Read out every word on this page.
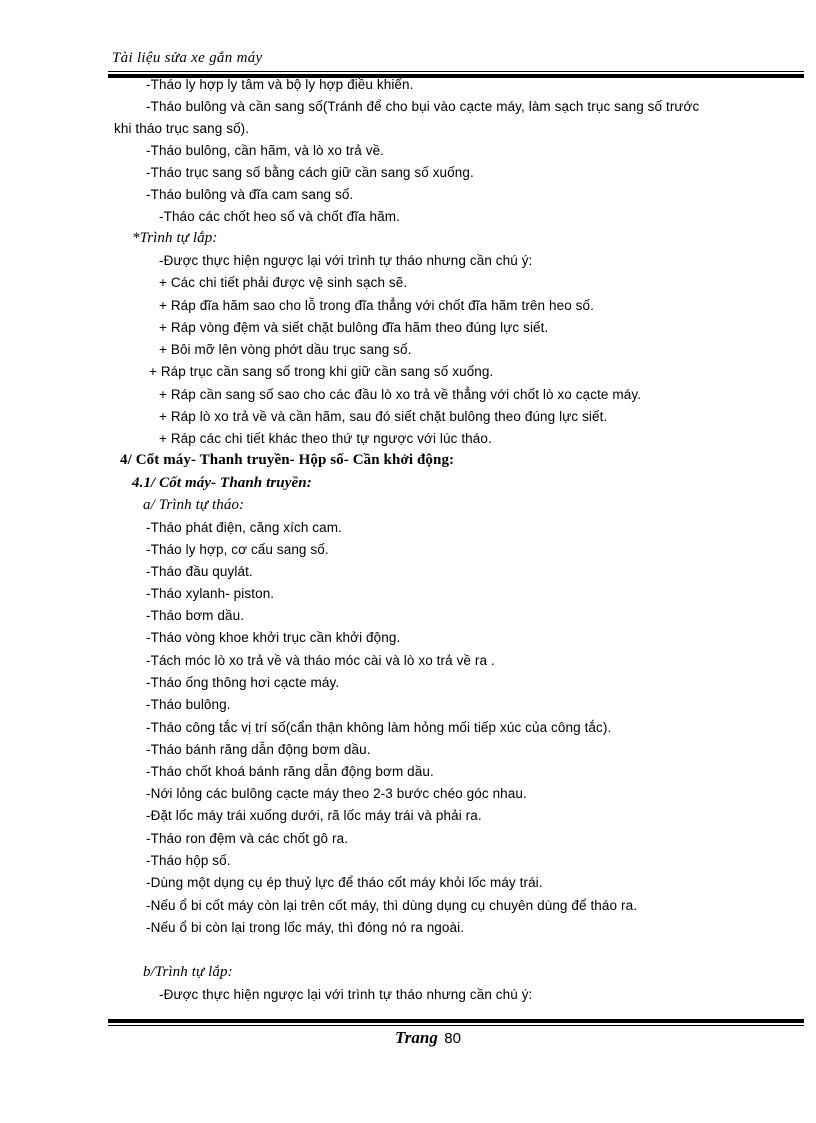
Tài liệu sửa xe gắn máy
-Tháo ly hợp ly tâm và bộ ly hợp điều khiển.
-Tháo bulông và cần sang số(Tránh để cho bụi vào cạcte máy, làm sạch trục sang số trước
khi tháo trục sang số).
-Tháo bulông, cần hãm, và lò xo trả về.
-Tháo trục sang số bằng cách giữ cần sang số xuống.
-Tháo bulông và đĩa cam sang số.
-Tháo các chốt heo số và chốt đĩa hãm.
*Trình tự lắp:
-Được thực hiện ngược lại với trình tự tháo nhưng cần chú ý:
+ Các chi tiết phải được vệ sinh sạch sẽ.
+ Ráp đĩa hãm sao cho lỗ trong đĩa thẳng với chốt đĩa hãm trên heo số.
+ Ráp vòng đệm và siết chặt bulông đĩa hãm theo đúng lực siết.
+ Bôi mỡ lên vòng phớt dầu trục sang số.
+ Ráp trục cần sang số trong khi giữ cần sang số xuống.
+ Ráp cần sang số sao cho các đầu lò xo trả về thẳng với chốt lò xo cạcte máy.
+ Ráp lò xo trả về và cần hãm, sau đó siết chặt bulông theo đúng lực siết.
+ Ráp các chi tiết khác theo thứ tự ngược với lúc tháo.
4/ Cốt máy- Thanh truyền- Hộp số- Cần khởi động:
4.1/ Cốt máy- Thanh truyền:
a/ Trình tự tháo:
-Tháo phát điện, căng xích cam.
-Tháo ly hợp, cơ cấu sang số.
-Tháo đầu quylát.
-Tháo xylanh- piston.
-Tháo bơm dầu.
-Tháo vòng khoe khởi trục cần khởi động.
-Tách móc lò xo trả về và tháo móc cài và lò xo trả về ra .
-Tháo ống thông hơi cạcte máy.
-Tháo bulông.
-Tháo công tắc vị trí số(cẩn thận không làm hỏng mối tiếp xúc của công tắc).
-Tháo bánh răng dẫn động bơm dầu.
-Tháo chốt khoá bánh răng dẫn động bơm dầu.
-Nới lỏng các bulông cạcte máy theo 2-3 bước chéo góc nhau.
-Đặt lốc máy trái xuống dưới, rã lốc máy trái và phải ra.
-Tháo ron đệm và các chốt gô ra.
-Tháo hộp số.
-Dùng một dụng cụ ép thuỷ lực để tháo cốt máy khỏi lốc máy trái.
-Nếu ổ bi cốt máy còn lại trên cốt máy, thì dùng dụng cụ chuyên dùng để tháo ra.
-Nếu ổ bi còn lại trong lốc máy, thì đóng nó ra ngoài.
b/Trình tự lắp:
-Được thực hiện ngược lại với trình tự tháo nhưng cần chú ý:
Trang 80
